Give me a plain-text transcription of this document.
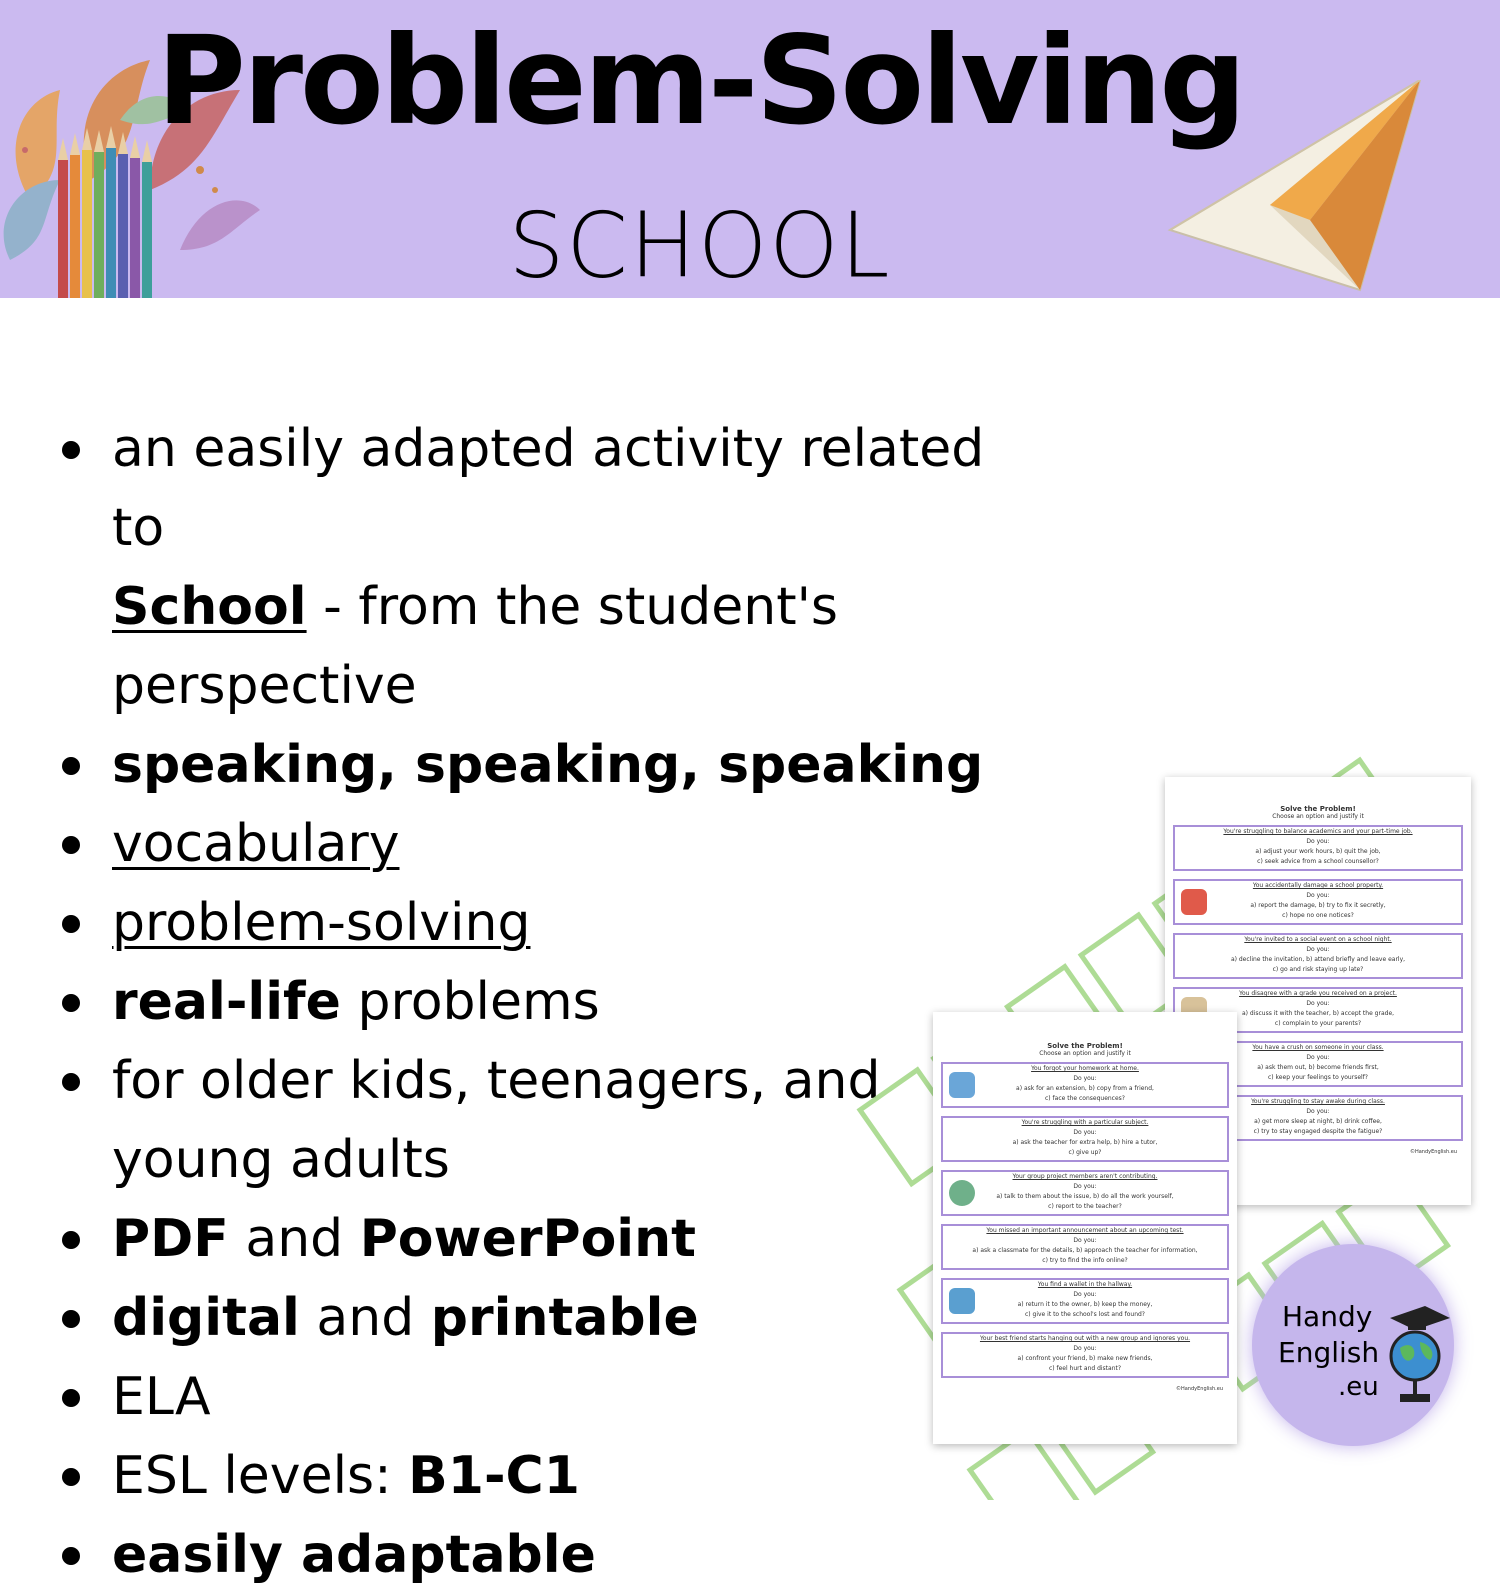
Problem-Solving
SCHOOL
an easily adapted activity related to
School - from the student's perspective
speaking, speaking, speaking
vocabulary
problem-solving
real-life problems
for older kids, teenagers, and young adults
PDF and PowerPoint
digital and printable
ELA
ESL levels: B1-C1
easily adaptable
Solve the Problem!
Choose an option and justify it
You're struggling to balance academics and your part-time job.
Do you:
a) adjust your work hours, b) quit the job,
c) seek advice from a school counsellor?
You accidentally damage a school property.
Do you:
a) report the damage, b) try to fix it secretly,
c) hope no one notices?
You're invited to a social event on a school night.
Do you:
a) decline the invitation, b) attend briefly and leave early,
c) go and risk staying up late?
You disagree with a grade you received on a project.
Do you:
a) discuss it with the teacher, b) accept the grade,
c) complain to your parents?
You have a crush on someone in your class.
Do you:
a) ask them out, b) become friends first,
c) keep your feelings to yourself?
You're struggling to stay awake during class.
Do you:
a) get more sleep at night, b) drink coffee,
c) try to stay engaged despite the fatigue?
©HandyEnglish.eu
Solve the Problem!
Choose an option and justify it
You forgot your homework at home.
Do you:
a) ask for an extension, b) copy from a friend,
c) face the consequences?
You're struggling with a particular subject.
Do you:
a) ask the teacher for extra help, b) hire a tutor,
c) give up?
Your group project members aren't contributing.
Do you:
a) talk to them about the issue, b) do all the work yourself,
c) report to the teacher?
You missed an important announcement about an upcoming test.
Do you:
a) ask a classmate for the details, b) approach the teacher for information,
c) try to find the info online?
You find a wallet in the hallway.
Do you:
a) return it to the owner, b) keep the money,
c) give it to the school's lost and found?
Your best friend starts hanging out with a new group and ignores you.
Do you:
a) confront your friend, b) make new friends,
c) feel hurt and distant?
©HandyEnglish.eu
Handy
English
.eu
